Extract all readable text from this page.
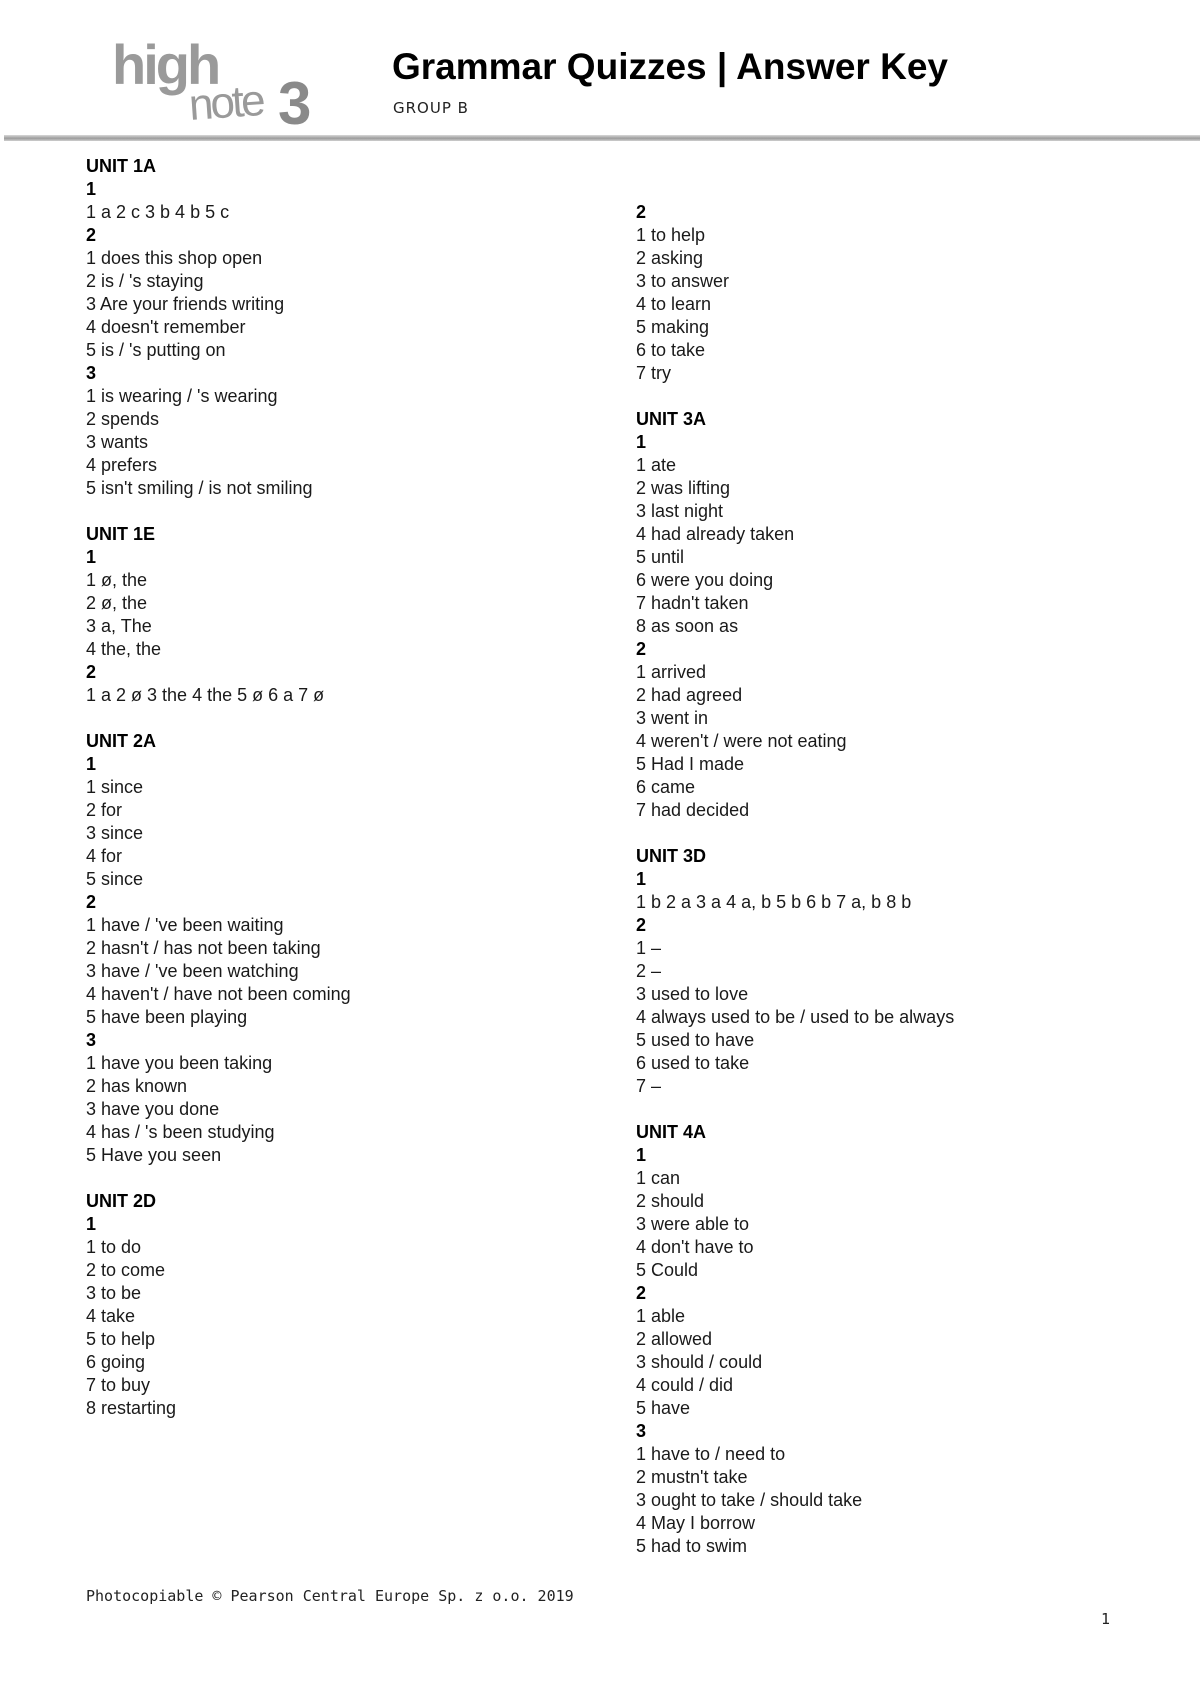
high
note 3
Grammar Quizzes | Answer Key
GROUP B
UNIT 1A
1
1 a 2 c 3 b 4 b 5 c
2
1 does this shop open
2 is / 's staying
3 Are your friends writing
4 doesn't remember
5 is / 's putting on
3
1 is wearing / 's wearing
2 spends
3 wants
4 prefers
5 isn't smiling / is not smiling
UNIT 1E
1
1 ø, the
2 ø, the
3 a, The
4 the, the
2
1 a 2 ø 3 the 4 the 5 ø 6 a 7 ø
UNIT 2A
1
1 since
2 for
3 since
4 for
5 since
2
1 have / 've been waiting
2 hasn't / has not been taking
3 have / 've been watching
4 haven't / have not been coming
5 have been playing
3
1 have you been taking
2 has known
3 have you done
4 has / 's been studying
5 Have you seen
UNIT 2D
1
1 to do
2 to come
3 to be
4 take
5 to help
6 going
7 to buy
8 restarting
2
1 to help
2 asking
3 to answer
4 to learn
5 making
6 to take
7 try
UNIT 3A
1
1 ate
2 was lifting
3 last night
4 had already taken
5 until
6 were you doing
7 hadn't taken
8 as soon as
2
1 arrived
2 had agreed
3 went in
4 weren't / were not eating
5 Had I made
6 came
7 had decided
UNIT 3D
1
1 b 2 a 3 a 4 a, b 5 b 6 b 7 a, b 8 b
2
1 –
2 –
3 used to love
4 always used to be / used to be always
5 used to have
6 used to take
7 –
UNIT 4A
1
1 can
2 should
3 were able to
4 don't have to
5 Could
2
1 able
2 allowed
3 should / could
4 could / did
5 have
3
1 have to / need to
2 mustn't take
3 ought to take / should take
4 May I borrow
5 had to swim
Photocopiable © Pearson Central Europe Sp. z o.o. 2019
1
